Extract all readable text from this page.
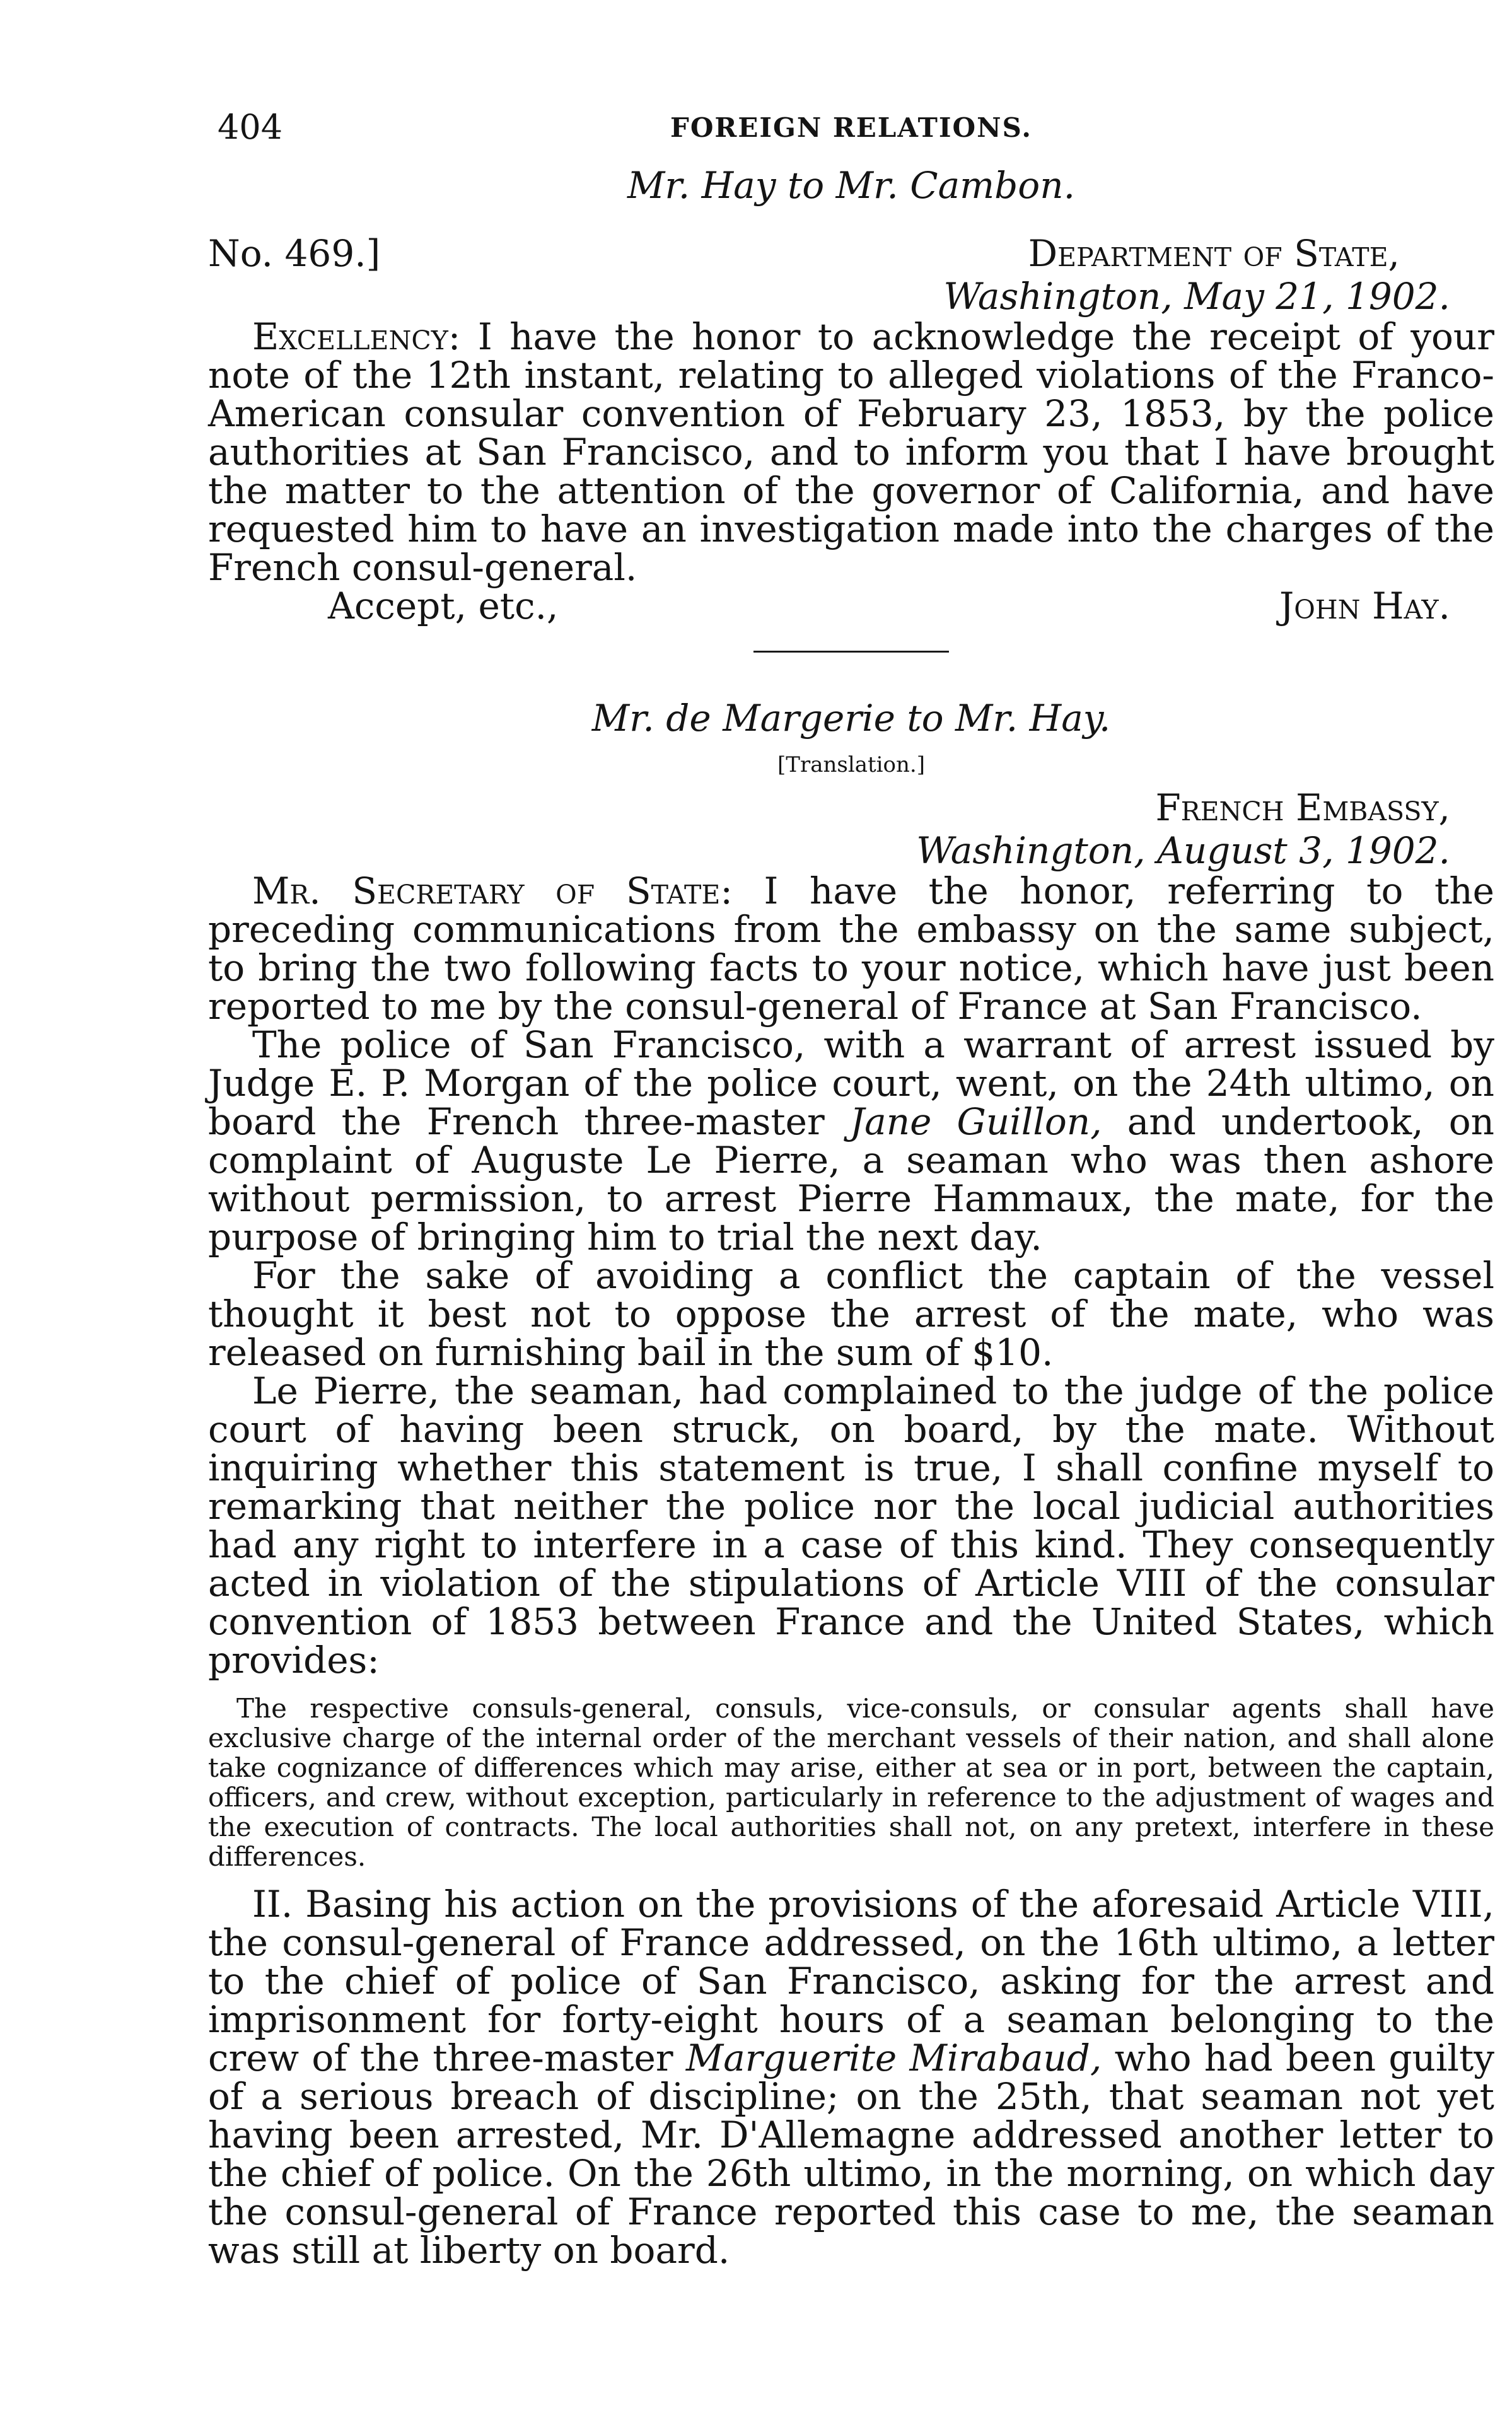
404	FOREIGN RELATIONS.

Mr. Hay to Mr. Cambon.

No. 469.]	Department of State,
Washington, May 21, 1902.

Excellency: I have the honor to acknowledge the receipt of your note of the 12th instant, relating to alleged violations of the Franco-American consular convention of February 23, 1853, by the police authorities at San Francisco, and to inform you that I have brought the matter to the attention of the governor of California, and have requested him to have an investigation made into the charges of the French consul-general.

Accept, etc.,	John Hay.

Mr. de Margerie to Mr. Hay.

[Translation.]
French Embassy,
Washington, August 3, 1902.

Mr. Secretary of State: I have the honor, referring to the preceding communications from the embassy on the same subject, to bring the two following facts to your notice, which have just been reported to me by the consul-general of France at San Francisco.

The police of San Francisco, with a warrant of arrest issued by Judge E. P. Morgan of the police court, went, on the 24th ultimo, on board the French three-master Jane Guillon, and undertook, on complaint of Auguste Le Pierre, a seaman who was then ashore without permission, to arrest Pierre Hammaux, the mate, for the purpose of bringing him to trial the next day.

For the sake of avoiding a conflict the captain of the vessel thought it best not to oppose the arrest of the mate, who was released on furnishing bail in the sum of $10.

Le Pierre, the seaman, had complained to the judge of the police court of having been struck, on board, by the mate. Without inquiring whether this statement is true, I shall confine myself to remarking that neither the police nor the local judicial authorities had any right to interfere in a case of this kind. They consequently acted in violation of the stipulations of Article VIII of the consular convention of 1853 between France and the United States, which provides:

The respective consuls-general, consuls, vice-consuls, or consular agents shall have exclusive charge of the internal order of the merchant vessels of their nation, and shall alone take cognizance of differences which may arise, either at sea or in port, between the captain, officers, and crew, without exception, particularly in reference to the adjustment of wages and the execution of contracts. The local authorities shall not, on any pretext, interfere in these differences.

II. Basing his action on the provisions of the aforesaid Article VIII, the consul-general of France addressed, on the 16th ultimo, a letter to the chief of police of San Francisco, asking for the arrest and imprisonment for forty-eight hours of a seaman belonging to the crew of the three-master Marguerite Mirabaud, who had been guilty of a serious breach of discipline; on the 25th, that seaman not yet having been arrested, Mr. D'Allemagne addressed another letter to the chief of police. On the 26th ultimo, in the morning, on which day the consul-general of France reported this case to me, the seaman was still at liberty on board.
